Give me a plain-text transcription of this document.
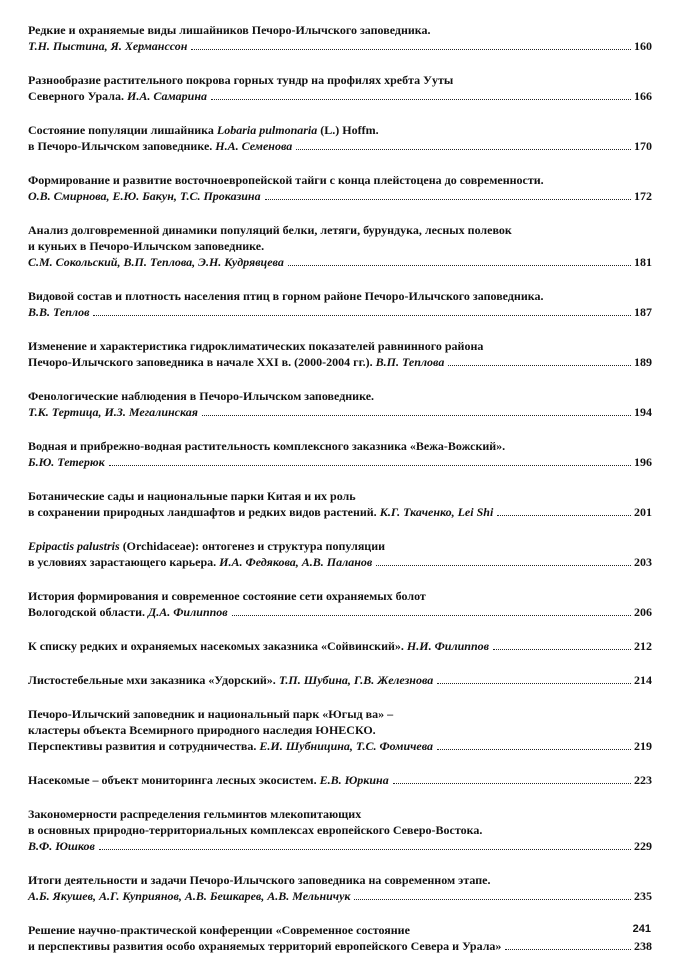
Редкие и охраняемые виды лишайников Печоро-Илычского заповедника.
Т.Н. Пыстина, Я. Херманссон	160
Разнообразие растительного покрова горных тундр на профилях хребта Ууты
Северного Урала. И.А. Самарина	166
Состояние популяции лишайника Lobaria pulmonaria (L.) Hoffm.
в Печоро-Илычском заповеднике. Н.А. Семенова	170
Формирование и развитие восточноевропейской тайги с конца плейстоцена до современности.
О.В. Смирнова, Е.Ю. Бакун, Т.С. Проказина	172
Анализ долговременной динамики популяций белки, летяги, бурундука, лесных полевок
и куньих в Печоро-Илычском заповеднике.
С.М. Сокольский, В.П. Теплова, Э.Н. Кудрявцева	181
Видовой состав и плотность населения птиц в горном районе Печоро-Илычского заповедника.
В.В. Теплов	187
Изменение и характеристика гидроклиматических показателей равнинного района
Печоро-Илычского заповедника в начале XXI в. (2000-2004 гг.). В.П. Теплова	189
Фенологические наблюдения в Печоро-Илычском заповеднике.
Т.К. Тертица, И.З. Мегалинская	194
Водная и прибрежно-водная растительность комплексного заказника «Вежа-Вожский».
Б.Ю. Тетерюк	196
Ботанические сады и национальные парки Китая и их роль
в сохранении природных ландшафтов и редких видов растений. К.Г. Ткаченко, Lei Shi	201
Epipactis palustris (Orchidaceae): онтогенез и структура популяции
в условиях зарастающего карьера. И.А. Федякова, А.В. Паланов	203
История формирования и современное состояние сети охраняемых болот
Вологодской области. Д.А. Филиппов	206
К списку редких и охраняемых насекомых заказника «Сойвинский». Н.И. Филиппов	212
Листостебельные мхи заказника «Удорский». Т.П. Шубина, Г.В. Железнова	214
Печоро-Илычский заповедник и национальный парк «Югыд ва» –
кластеры объекта Всемирного природного наследия ЮНЕСКО.
Перспективы развития и сотрудничества. Е.И. Шубницина, Т.С. Фомичева	219
Насекомые – объект мониторинга лесных экосистем. Е.В. Юркина	223
Закономерности распределения гельминтов млекопитающих
в основных природно-территориальных комплексах европейского Северо-Востока.
В.Ф. Юшков	229
Итоги деятельности и задачи Печоро-Илычского заповедника на современном этапе.
А.Б. Якушев, А.Г. Куприянов, А.В. Бешкарев, А.В. Мельничук	235
Решение научно-практической конференции «Современное состояние
и перспективы развития особо охраняемых территорий европейского Севера и Урала»	238
241
